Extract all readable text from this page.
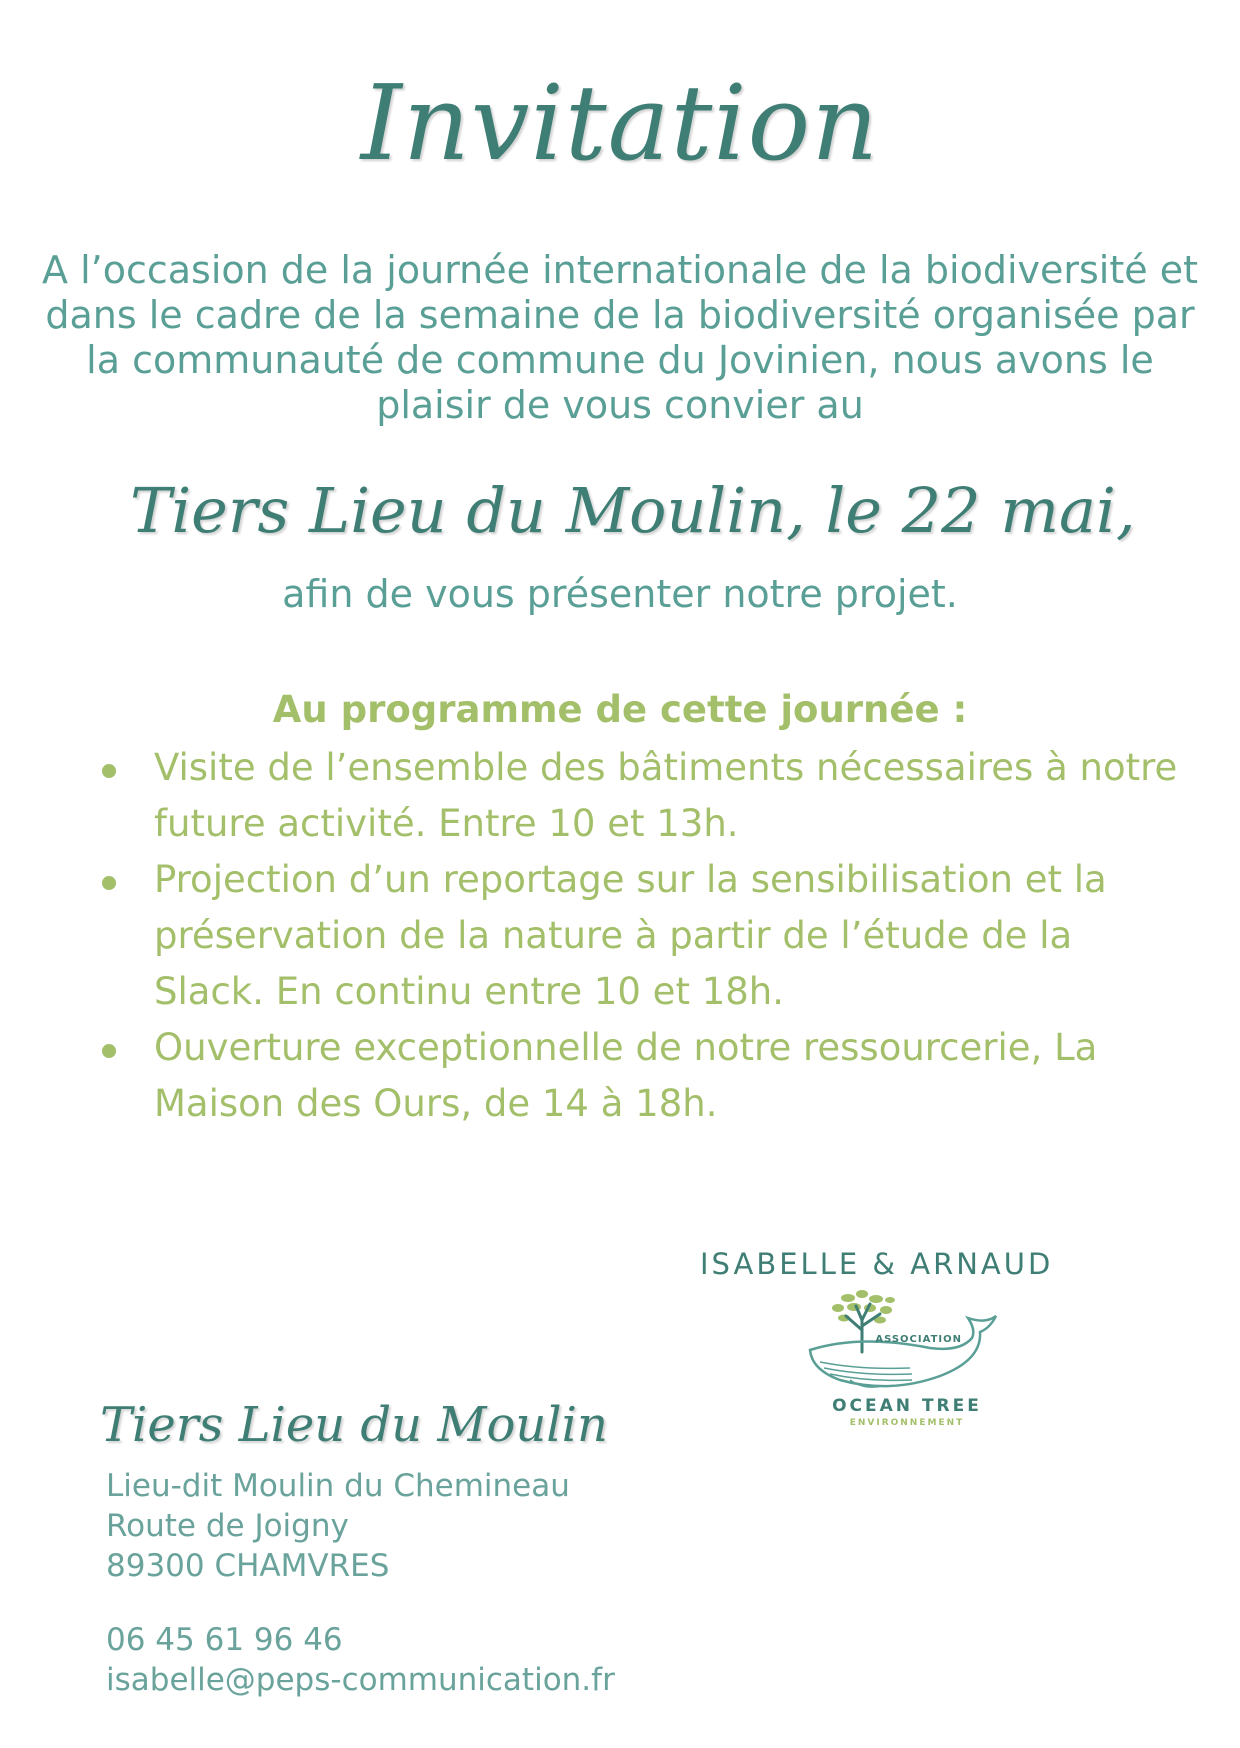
Invitation
A l’occasion de la journée internationale de la biodiversité et dans le cadre de la semaine de la biodiversité organisée par la communauté de commune du Jovinien, nous avons le plaisir de vous convier au
Tiers Lieu du Moulin, le 22 mai,
afin de vous présenter notre projet.
Au programme de cette journée :
Visite de l’ensemble des bâtiments nécessaires à notre future activité. Entre 10 et 13h.
Projection d’un reportage sur la sensibilisation et la préservation de la nature à partir de l’étude de la Slack. En continu entre 10 et 18h.
Ouverture exceptionnelle de notre ressourcerie, La Maison des Ours, de 14 à 18h.
ISABELLE & ARNAUD
ASSOCIATION
OCEAN TREE
ENVIRONNEMENT
Tiers Lieu du Moulin
Lieu-dit Moulin du Chemineau
Route de Joigny
89300 CHAMVRES
06 45 61 96 46
isabelle@peps-communication.fr
